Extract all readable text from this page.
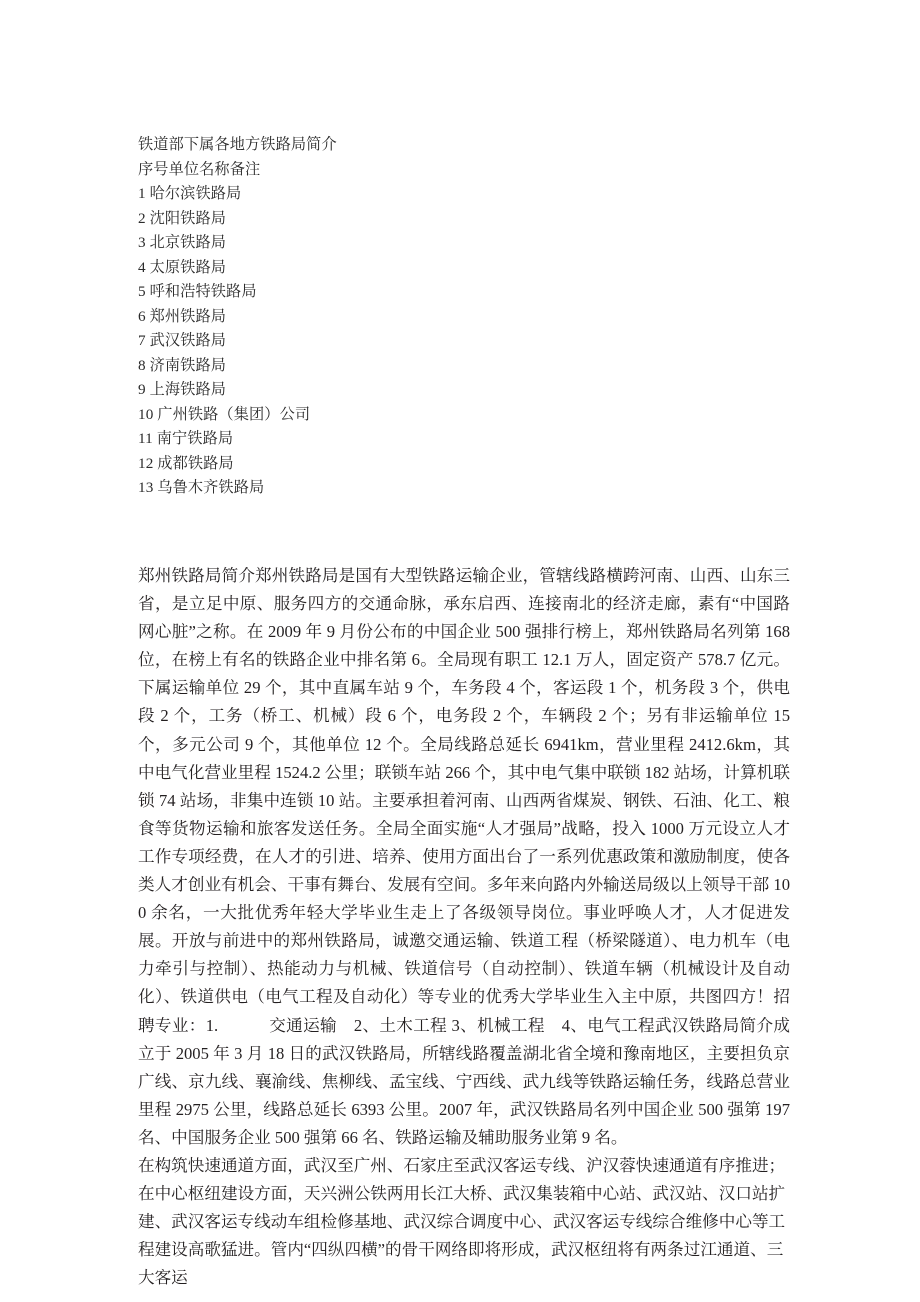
铁道部下属各地方铁路局简介
序号单位名称备注
1 哈尔滨铁路局
2 沈阳铁路局
3 北京铁路局
4 太原铁路局
5 呼和浩特铁路局
6 郑州铁路局
7 武汉铁路局
8 济南铁路局
9 上海铁路局
10 广州铁路（集团）公司
11 南宁铁路局
12 成都铁路局
13 乌鲁木齐铁路局

郑州铁路局简介郑州铁路局是国有大型铁路运输企业，管辖线路横跨河南、山西、山东三省，是立足中原、服务四方的交通命脉，承东启西、连接南北的经济走廊，素有“中国路网心脏”之称。在 2009 年 9 月份公布的中国企业 500 强排行榜上，郑州铁路局名列第 168 位，在榜上有名的铁路企业中排名第 6。全局现有职工 12.1 万人，固定资产 578.7 亿元。下属运输单位 29 个，其中直属车站 9 个，车务段 4 个，客运段 1 个，机务段 3 个，供电段 2 个，工务（桥工、机械）段 6 个，电务段 2 个，车辆段 2 个；另有非运输单位 15 个，多元公司 9 个，其他单位 12 个。全局线路总延长 6941km，营业里程 2412.6km，其中电气化营业里程 1524.2 公里；联锁车站 266 个，其中电气集中联锁 182 站场，计算机联锁 74 站场，非集中连锁 10 站。主要承担着河南、山西两省煤炭、钢铁、石油、化工、粮食等货物运输和旅客发送任务。全局全面实施“人才强局”战略，投入 1000 万元设立人才工作专项经费，在人才的引进、培养、使用方面出台了一系列优惠政策和激励制度，使各类人才创业有机会、干事有舞台、发展有空间。多年来向路内外输送局级以上领导干部 100 余名，一大批优秀年轻大学毕业生走上了各级领导岗位。事业呼唤人才，人才促进发展。开放与前进中的郑州铁路局，诚邀交通运输、铁道工程（桥梁隧道）、电力机车（电力牵引与控制）、热能动力与机械、铁道信号（自动控制）、铁道车辆（机械设计及自动化）、铁道供电（电气工程及自动化）等专业的优秀大学毕业生入主中原，共图四方！招聘专业：1.　　　交通运输　2、土木工程 3、机械工程　4、电气工程武汉铁路局简介成立于 2005 年 3 月 18 日的武汉铁路局，所辖线路覆盖湖北省全境和豫南地区，主要担负京广线、京九线、襄渝线、焦柳线、孟宝线、宁西线、武九线等铁路运输任务，线路总营业里程 2975 公里，线路总延长 6393 公里。2007 年，武汉铁路局名列中国企业 500 强第 197 名、中国服务企业 500 强第 66 名、铁路运输及辅助服务业第 9 名。

在构筑快速通道方面，武汉至广州、石家庄至武汉客运专线、沪汉蓉快速通道有序推进；在中心枢纽建设方面，天兴洲公铁两用长江大桥、武汉集装箱中心站、武汉站、汉口站扩建、武汉客运专线动车组检修基地、武汉综合调度中心、武汉客运专线综合维修中心等工程建设高歌猛进。管内“四纵四横”的骨干网络即将形成，武汉枢纽将有两条过江通道、三大客运
